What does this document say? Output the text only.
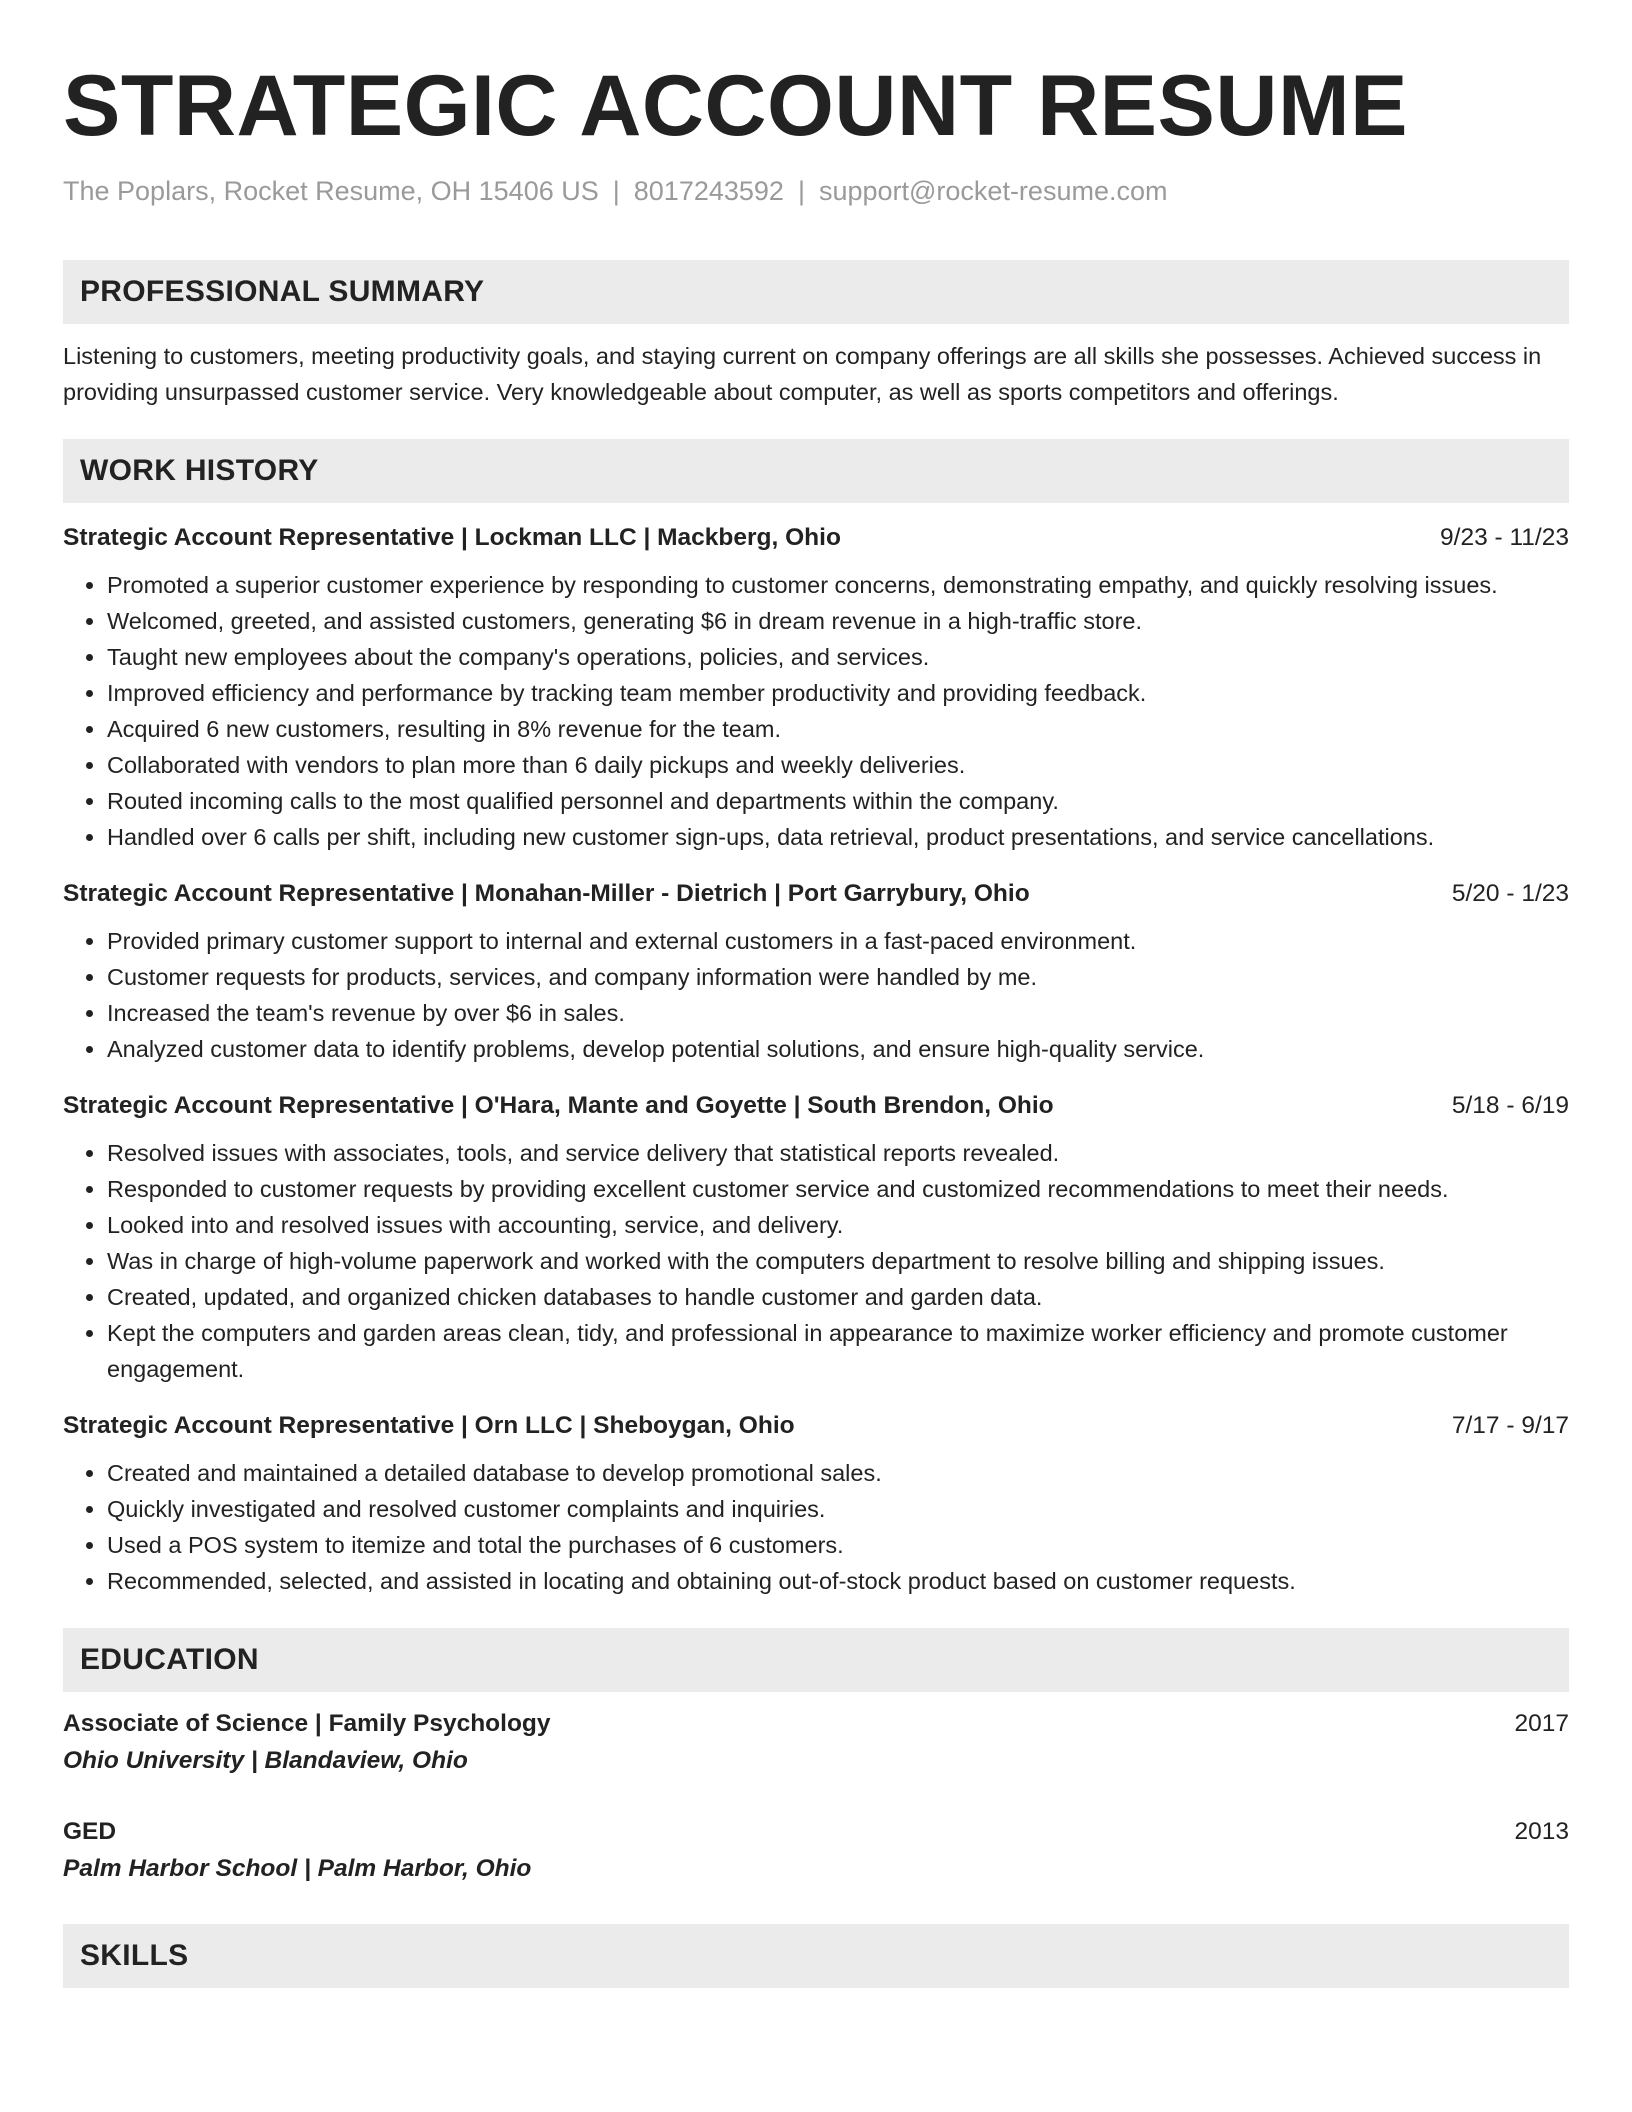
STRATEGIC ACCOUNT RESUME
The Poplars, Rocket Resume, OH 15406 US | 8017243592 | support@rocket-resume.com
PROFESSIONAL SUMMARY
Listening to customers, meeting productivity goals, and staying current on company offerings are all skills she possesses. Achieved success in providing unsurpassed customer service. Very knowledgeable about computer, as well as sports competitors and offerings.
WORK HISTORY
Strategic Account Representative | Lockman LLC | Mackberg, Ohio	9/23 - 11/23
• Promoted a superior customer experience by responding to customer concerns, demonstrating empathy, and quickly resolving issues.
• Welcomed, greeted, and assisted customers, generating $6 in dream revenue in a high-traffic store.
• Taught new employees about the company's operations, policies, and services.
• Improved efficiency and performance by tracking team member productivity and providing feedback.
• Acquired 6 new customers, resulting in 8% revenue for the team.
• Collaborated with vendors to plan more than 6 daily pickups and weekly deliveries.
• Routed incoming calls to the most qualified personnel and departments within the company.
• Handled over 6 calls per shift, including new customer sign-ups, data retrieval, product presentations, and service cancellations.
Strategic Account Representative | Monahan-Miller - Dietrich | Port Garrybury, Ohio	5/20 - 1/23
• Provided primary customer support to internal and external customers in a fast-paced environment.
• Customer requests for products, services, and company information were handled by me.
• Increased the team's revenue by over $6 in sales.
• Analyzed customer data to identify problems, develop potential solutions, and ensure high-quality service.
Strategic Account Representative | O'Hara, Mante and Goyette | South Brendon, Ohio	5/18 - 6/19
• Resolved issues with associates, tools, and service delivery that statistical reports revealed.
• Responded to customer requests by providing excellent customer service and customized recommendations to meet their needs.
• Looked into and resolved issues with accounting, service, and delivery.
• Was in charge of high-volume paperwork and worked with the computers department to resolve billing and shipping issues.
• Created, updated, and organized chicken databases to handle customer and garden data.
• Kept the computers and garden areas clean, tidy, and professional in appearance to maximize worker efficiency and promote customer engagement.
Strategic Account Representative | Orn LLC | Sheboygan, Ohio	7/17 - 9/17
• Created and maintained a detailed database to develop promotional sales.
• Quickly investigated and resolved customer complaints and inquiries.
• Used a POS system to itemize and total the purchases of 6 customers.
• Recommended, selected, and assisted in locating and obtaining out-of-stock product based on customer requests.
EDUCATION
Associate of Science | Family Psychology	2017
Ohio University | Blandaview, Ohio
GED	2013
Palm Harbor School | Palm Harbor, Ohio
SKILLS
